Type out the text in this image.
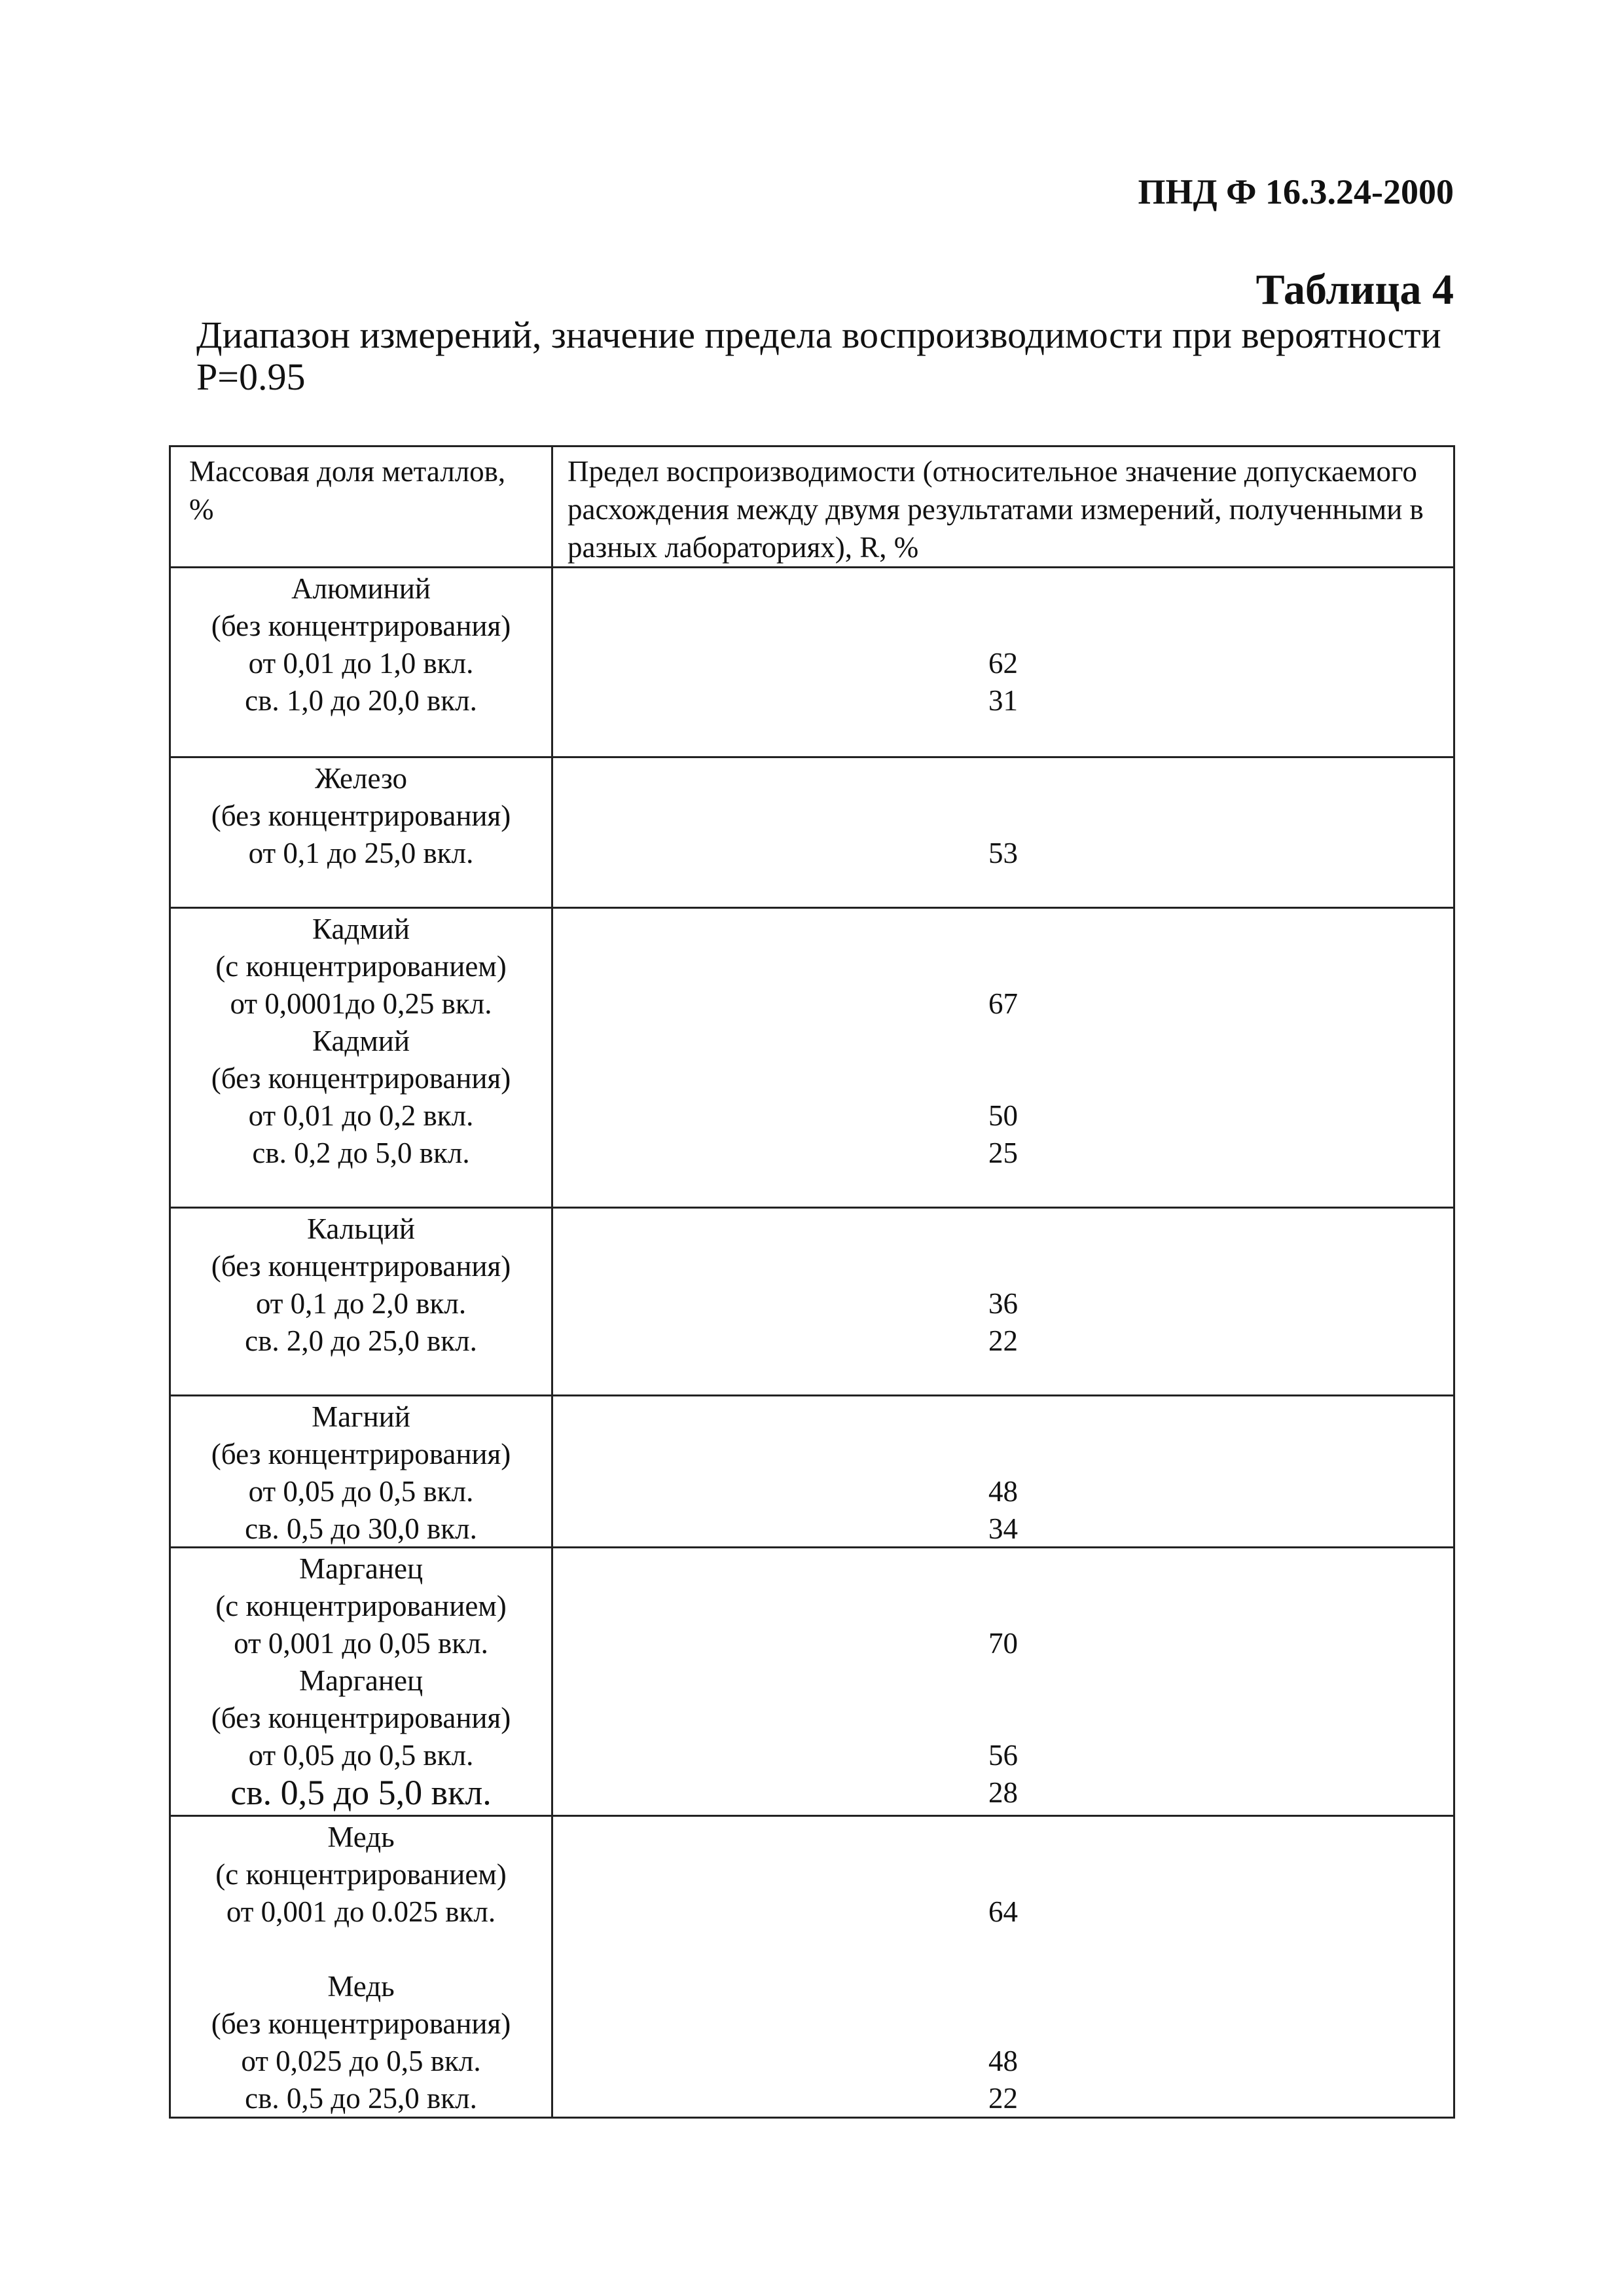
ПНД Ф 16.3.24-2000
Таблица 4
Диапазон измерений, значение предела воспроизводимости при вероятности P=0.95
Массовая доля металлов, %
Предел воспроизводимости (относительное значение допускаемого расхождения между двумя результатами измерений, полученными в разных лабораториях), R, %
Алюминий
(без концентрирования)
от 0,01 до 1,0 вкл.
св. 1,0 до 20,0 вкл.
62
31
Железо
(без концентрирования)
от 0,1 до 25,0 вкл.	53
Кадмий
(с концентрированием)
от 0,0001до 0,25 вкл.
Кадмий
(без концентрирования)
от 0,01 до 0,2 вкл.
св. 0,2 до 5,0 вкл.
67
50
25
Кальций
(без концентрирования)
от 0,1 до 2,0 вкл.
св. 2,0 до 25,0 вкл.
36
22
Магний
(без концентрирования)
от 0,05 до 0,5 вкл.
св. 0,5 до 30,0 вкл.
48
34
Марганец
(с концентрированием)
от 0,001 до 0,05 вкл.
Марганец
(без концентрирования)
от 0,05 до 0,5 вкл.
св. 0,5 до 5,0 вкл.
70
56
28
Медь
(с концентрированием)
от 0,001 до 0.025 вкл.
Медь
(без концентрирования)
от 0,025 до 0,5 вкл.
св. 0,5 до 25,0 вкл.
64
48
22
